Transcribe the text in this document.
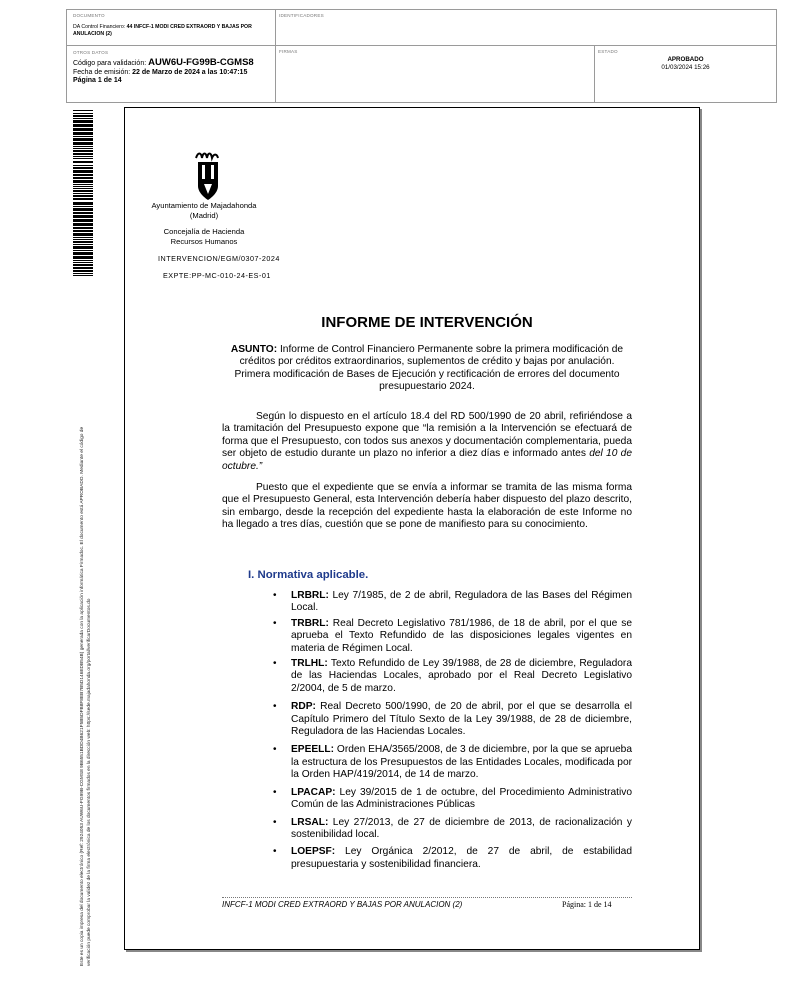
DOCUMENTO
DA Control Financiero: 44 INFCF-1 MODI CRED EXTRAORD Y BAJAS POR ANULACION (2)
IDENTIFICADORES
OTROS DATOS
Código para validación: AUW6U-FG99B-CGMS8
Fecha de emisión: 22 de Marzo de 2024 a las 10:47:15
Página 1 de 14
FIRMAS	ESTADO
APROBADO
01/03/2024 15:26
Este es un copia impresa del documento electrónico (Ref: 2924053 AUW6U-FG99B-CGMS8 9B6551BDD4B621F5B5DFB8F8EB7B5D146EDB54B) generada con la aplicación informática Firmadoc. El documento está APROBADO. Mediante el código de verificación puede comprobar la validez de la firma electrónica de los documentos firmados en la dirección web: https://sede.majadahonda.org/portal/verificarDocumentos.do
Ayuntamiento de Majadahonda
(Madrid)
Concejalía de Hacienda
Recursos Humanos
INTERVENCION/EGM/0307-2024
EXPTE:PP-MC-010-24-ES-01
INFORME DE INTERVENCIÓN
ASUNTO: Informe de Control Financiero Permanente sobre la primera modificación de créditos por créditos extraordinarios, suplementos de crédito y bajas por anulación. Primera modificación de Bases de Ejecución y rectificación de errores del documento presupuestario 2024.
Según lo dispuesto en el artículo 18.4 del RD 500/1990 de 20 abril, refiriéndose a la tramitación del Presupuesto expone que “la remisión a la Intervención se efectuará de forma que el Presupuesto, con todos sus anexos y documentación complementaria, pueda ser objeto de estudio durante un plazo no inferior a diez días e informado antes del 10 de octubre.”
Puesto que el expediente que se envía a informar se tramita de las misma forma que el Presupuesto General, esta Intervención debería haber dispuesto del plazo descrito, sin embargo, desde la recepción del expediente hasta la elaboración de este Informe no ha llegado a tres días, cuestión que se pone de manifiesto para su conocimiento.
I. Normativa aplicable.
• LRBRL: Ley 7/1985, de 2 de abril, Reguladora de las Bases del Régimen Local.
• TRBRL: Real Decreto Legislativo 781/1986, de 18 de abril, por el que se aprueba el Texto Refundido de las disposiciones legales vigentes en materia de Régimen Local.
• TRLHL: Texto Refundido de Ley 39/1988, de 28 de diciembre, Reguladora de las Haciendas Locales, aprobado por el Real Decreto Legislativo 2/2004, de 5 de marzo.
• RDP: Real Decreto 500/1990, de 20 de abril, por el que se desarrolla el Capítulo Primero del Título Sexto de la Ley 39/1988, de 28 de diciembre, Reguladora de las Haciendas Locales.
• EPEELL: Orden EHA/3565/2008, de 3 de diciembre, por la que se aprueba la estructura de los Presupuestos de las Entidades Locales, modificada por la Orden HAP/419/2014, de 14 de marzo.
• LPACAP: Ley 39/2015 de 1 de octubre, del Procedimiento Administrativo Común de las Administraciones Públicas
• LRSAL: Ley 27/2013, de 27 de diciembre de 2013, de racionalización y sostenibilidad local.
• LOEPSF: Ley Orgánica 2/2012, de 27 de abril, de estabilidad presupuestaria y sostenibilidad financiera.
INFCF-1 MODI CRED EXTRAORD Y BAJAS POR ANULACION (2)	Página: 1 de 14
